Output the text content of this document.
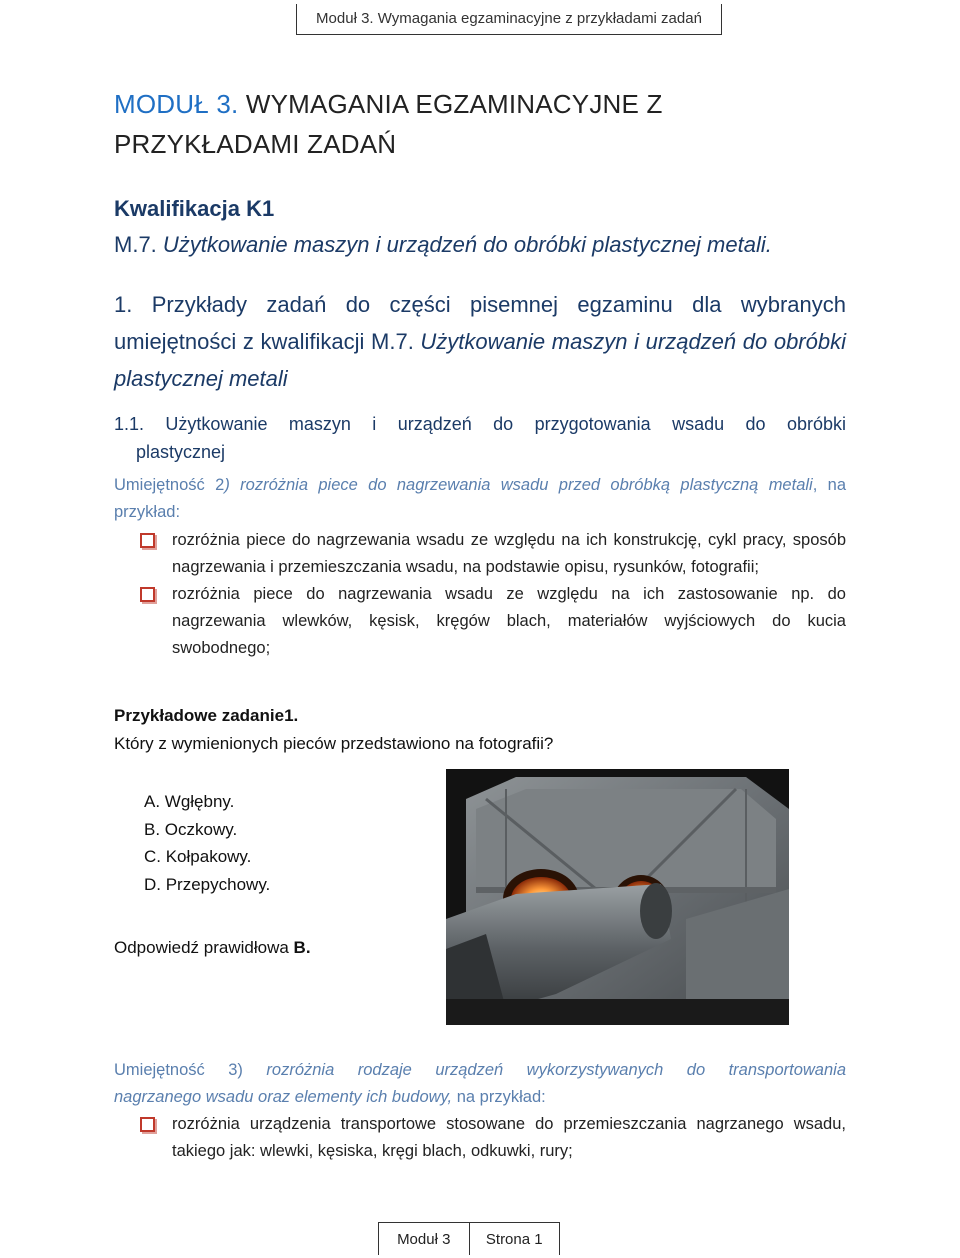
Moduł 3. Wymagania egzaminacyjne z przykładami zadań
MODUŁ 3. WYMAGANIA EGZAMINACYJNE Z PRZYKŁADAMI ZADAŃ
Kwalifikacja K1
M.7. Użytkowanie maszyn i urządzeń do obróbki plastycznej metali.
1. Przykłady zadań do części pisemnej egzaminu dla wybranych umiejętności z kwalifikacji M.7. Użytkowanie maszyn i urządzeń do obróbki plastycznej metali
1.1. Użytkowanie maszyn i urządzeń do przygotowania wsadu do obróbki
plastycznej
Umiejętność 2) rozróżnia piece do nagrzewania wsadu przed obróbką plastyczną metali, na
przykład:
rozróżnia piece do nagrzewania wsadu ze względu na ich konstrukcję, cykl pracy, sposób nagrzewania i przemieszczania wsadu, na podstawie opisu, rysunków, fotografii;
rozróżnia piece do nagrzewania wsadu ze względu na ich zastosowanie np. do nagrzewania wlewków, kęsisk, kręgów blach, materiałów wyjściowych do kucia swobodnego;
Przykładowe zadanie1.
Który z wymienionych pieców przedstawiono na fotografii?
A. Wgłębny.
B. Oczkowy.
C. Kołpakowy.
D. Przepychowy.
Odpowiedź prawidłowa B.
Umiejętność 3) rozróżnia rodzaje urządzeń wykorzystywanych do transportowania
nagrzanego wsadu oraz elementy ich budowy, na przykład:
rozróżnia urządzenia transportowe stosowane do przemieszczania nagrzanego wsadu, takiego jak: wlewki, kęsiska, kręgi blach, odkuwki, rury;
Moduł 3	Strona 1
